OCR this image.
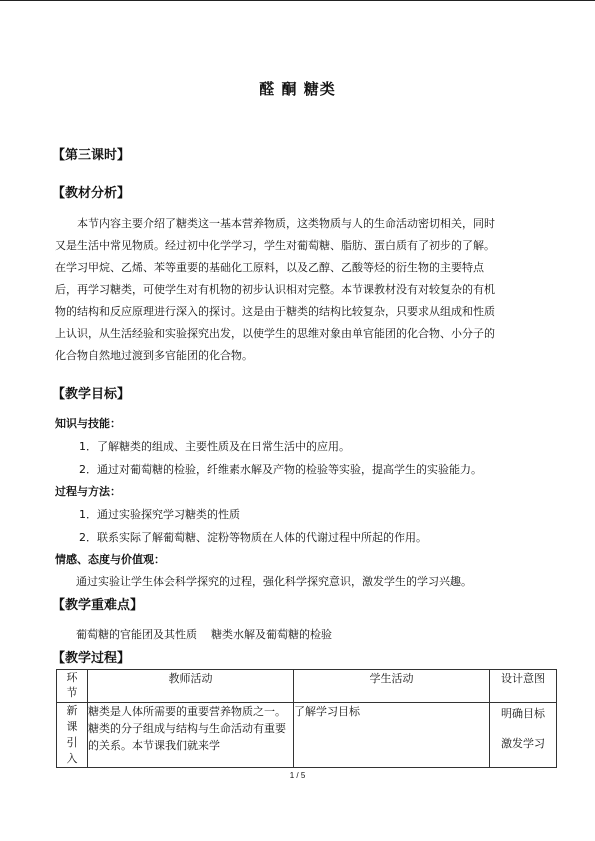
醛 酮 糖类
【第三课时】
【教材分析】

本节内容主要介绍了糖类这一基本营养物质，这类物质与人的生命活动密切相关，同时

又是生活中常见物质。经过初中化学学习，学生对葡萄糖、脂肪、蛋白质有了初步的了解。

在学习甲烷、乙烯、苯等重要的基础化工原料，以及乙醇、乙酸等烃的衍生物的主要特点

后，再学习糖类，可使学生对有机物的初步认识相对完整。本节课教材没有对较复杂的有机

物的结构和反应原理进行深入的探讨。这是由于糖类的结构比较复杂，只要求从组成和性质

上认识，从生活经验和实验探究出发，以使学生的思维对象由单官能团的化合物、小分子的

化合物自然地过渡到多官能团的化合物。

【教学目标】
知识与技能：
1．了解糖类的组成、主要性质及在日常生活中的应用。
2．通过对葡萄糖的检验，纤维素水解及产物的检验等实验，提高学生的实验能力。
过程与方法：
1．通过实验探究学习糖类的性质
2．联系实际了解葡萄糖、淀粉等物质在人体的代谢过程中所起的作用。
情感、态度与价值观：
通过实验让学生体会科学探究的过程，强化科学探究意识，激发学生的学习兴趣。
【教学重难点】
葡萄糖的官能团及其性质    糖类水解及葡萄糖的检验
【教学过程】
环节	教师活动	学生活动	设计意图

新课引入	糖类是人体所需要的重要营养物质之一。糖类的分子组成与结构与生命活动有重要的关系。本节课我们就来学	了解学习目标	明确目标
激发学习
1 / 5
